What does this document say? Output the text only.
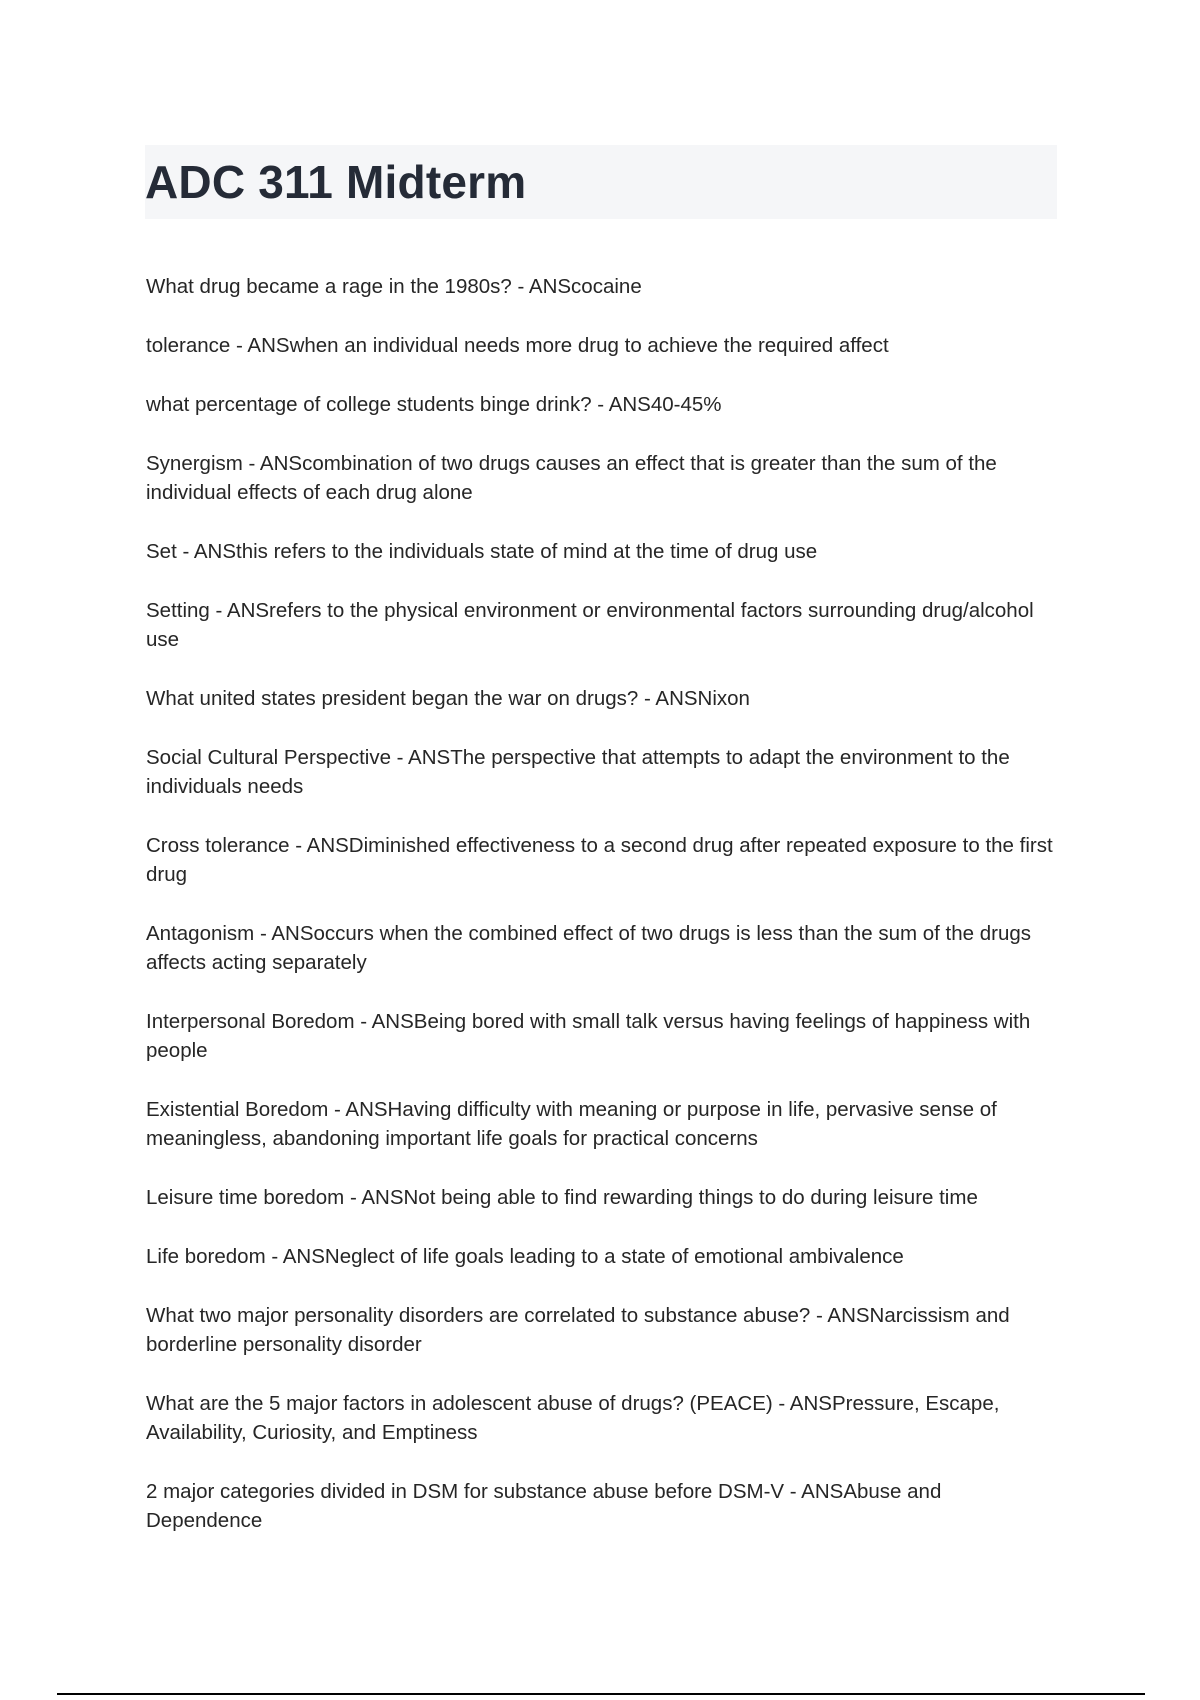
ADC 311 Midterm

What drug became a rage in the 1980s? - ANScocaine

tolerance - ANSwhen an individual needs more drug to achieve the required affect

what percentage of college students binge drink? - ANS40-45%

Synergism - ANScombination of two drugs causes an effect that is greater than the sum of the individual effects of each drug alone

Set - ANSthis refers to the individuals state of mind at the time of drug use

Setting - ANSrefers to the physical environment or environmental factors surrounding drug/alcohol use

What united states president began the war on drugs? - ANSNixon

Social Cultural Perspective - ANSThe perspective that attempts to adapt the environment to the individuals needs

Cross tolerance - ANSDiminished effectiveness to a second drug after repeated exposure to the first drug

Antagonism - ANSoccurs when the combined effect of two drugs is less than the sum of the drugs affects acting separately

Interpersonal Boredom - ANSBeing bored with small talk versus having feelings of happiness with people

Existential Boredom - ANSHaving difficulty with meaning or purpose in life, pervasive sense of meaningless, abandoning important life goals for practical concerns

Leisure time boredom - ANSNot being able to find rewarding things to do during leisure time

Life boredom - ANSNeglect of life goals leading to a state of emotional ambivalence

What two major personality disorders are correlated to substance abuse? - ANSNarcissism and borderline personality disorder

What are the 5 major factors in adolescent abuse of drugs? (PEACE) - ANSPressure, Escape, Availability, Curiosity, and Emptiness

2 major categories divided in DSM for substance abuse before DSM-V - ANSAbuse and Dependence
